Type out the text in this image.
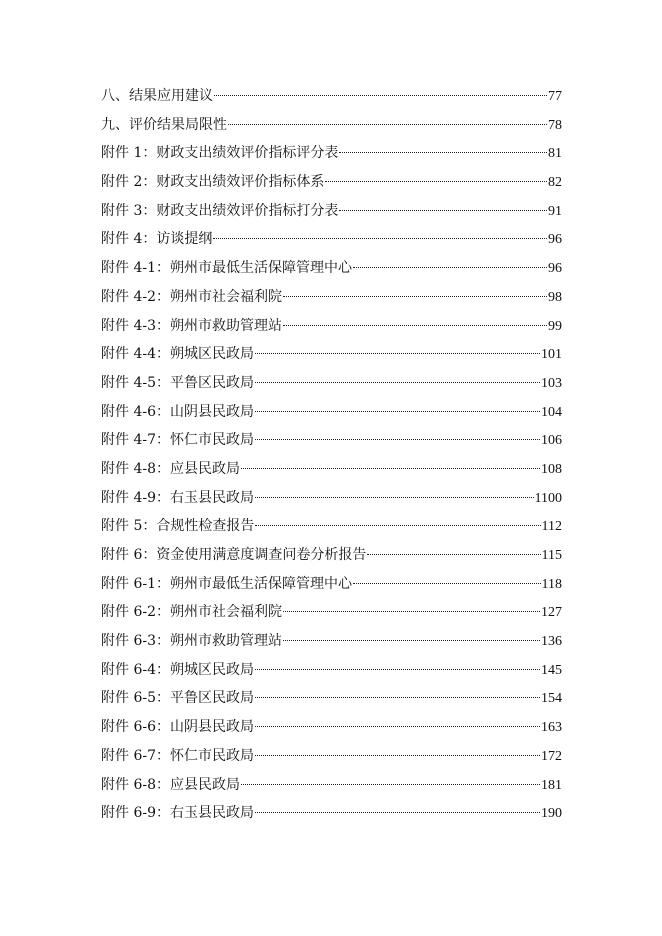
八、结果应用建议	77
九、评价结果局限性	78
附件 1：财政支出绩效评价指标评分表	81
附件 2：财政支出绩效评价指标体系	82
附件 3：财政支出绩效评价指标打分表	91
附件 4：访谈提纲	96
附件 4-1：朔州市最低生活保障管理中心	96
附件 4-2：朔州市社会福利院	98
附件 4-3：朔州市救助管理站	99
附件 4-4：朔城区民政局	101
附件 4-5：平鲁区民政局	103
附件 4-6：山阴县民政局	104
附件 4-7：怀仁市民政局	106
附件 4-8：应县民政局	108
附件 4-9：右玉县民政局	1100
附件 5：合规性检查报告	112
附件 6：资金使用满意度调查问卷分析报告	115
附件 6-1：朔州市最低生活保障管理中心	118
附件 6-2：朔州市社会福利院	127
附件 6-3：朔州市救助管理站	136
附件 6-4：朔城区民政局	145
附件 6-5：平鲁区民政局	154
附件 6-6：山阴县民政局	163
附件 6-7：怀仁市民政局	172
附件 6-8：应县民政局	181
附件 6-9：右玉县民政局	190
